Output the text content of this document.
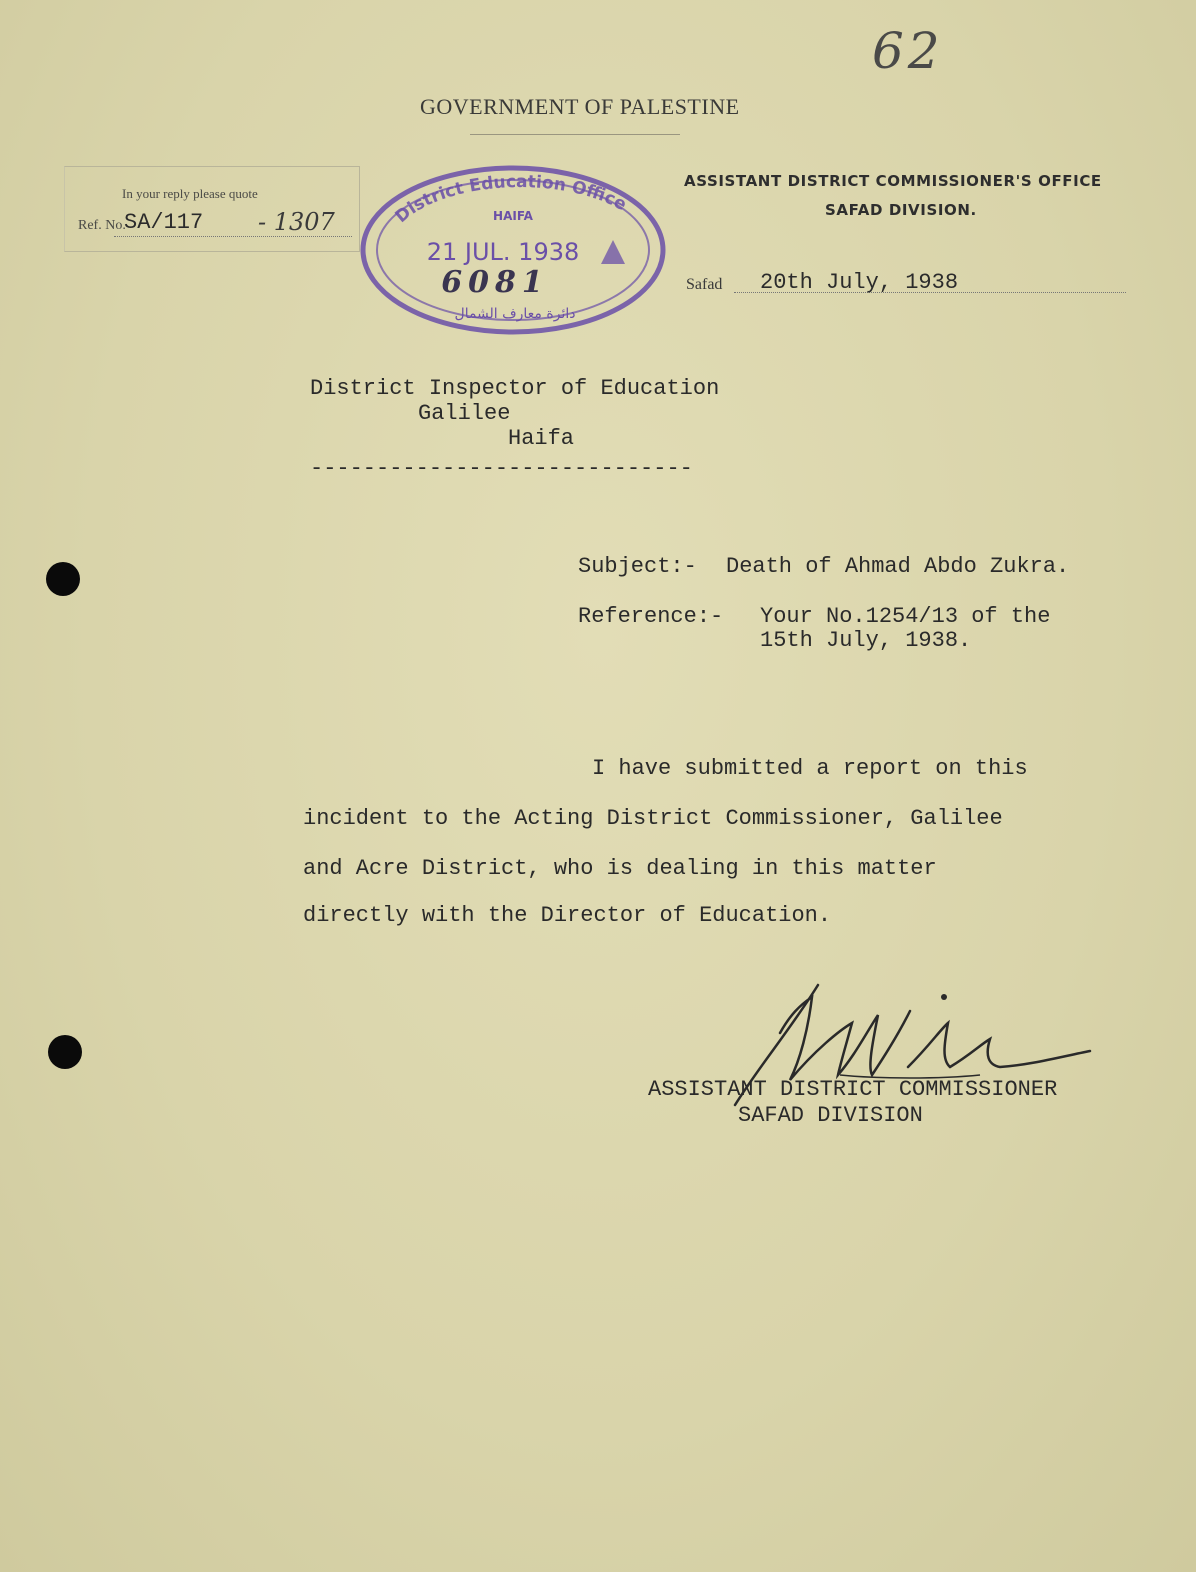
62
GOVERNMENT OF PALESTINE
In your reply please quote
Ref. No.
SA/117 - 1307
ASSISTANT DISTRICT COMMISSIONER'S OFFICE
SAFAD DIVISION.
Safad 20th July, 1938
District Education Office
HAIFA
21 JUL. 1938
6081
دائرة معارف الشمال
District Inspector of Education
Galilee
Haifa
-----------------------------
Subject:- Death of Ahmad Abdo Zukra.
Reference:- Your No.1254/13 of the
15th July, 1938.
I have submitted a report on this
incident to the Acting District Commissioner, Galilee
and Acre District, who is dealing in this matter
directly with the Director of Education.
ASSISTANT DISTRICT COMMISSIONER
SAFAD DIVISION
